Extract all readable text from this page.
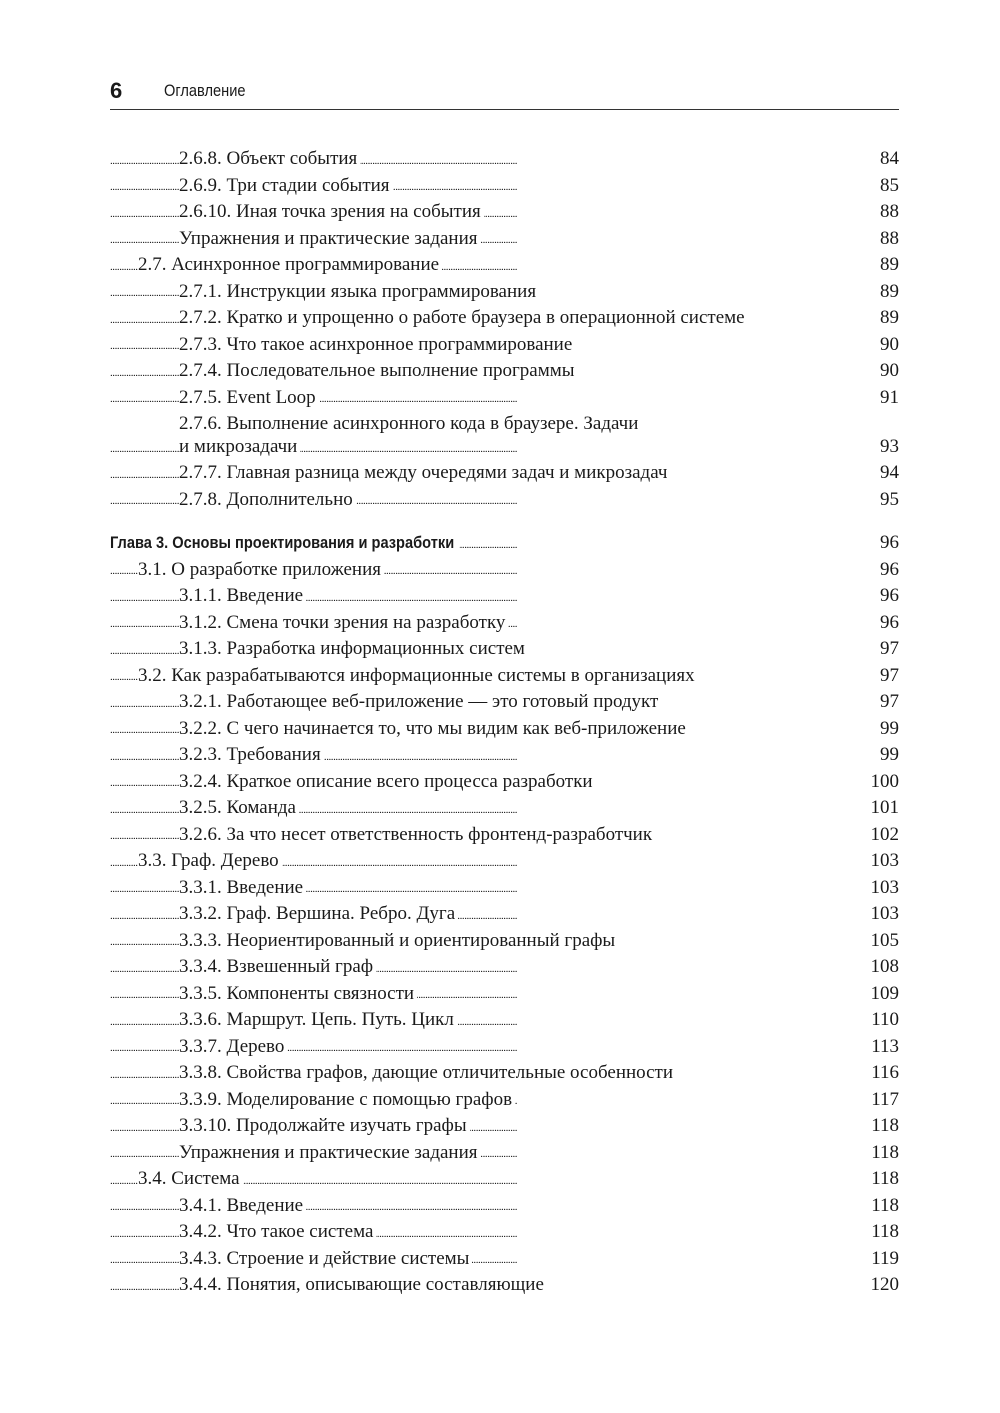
6 Оглавление
. . .
2.6.8. Объект события	84
. . .
2.6.9. Три стадии события	85
. . .
2.6.10. Иная точка зрения на события	88
. . .
Упражнения и практические задания	88
. . .
2.7. Асинхронное программирование	89
. . .
2.7.1. Инструкции языка программирования	89
. . .
2.7.2. Кратко и упрощенно о работе браузера в операционной системе	89
. . .
2.7.3. Что такое асинхронное программирование	90
. . .
2.7.4. Последовательное выполнение программы	90
. . .
2.7.5. Event Loop	91
. . .
2.7.6. Выполнение асинхронного кода в браузере. Задачи
и микрозадачи	93
. . .
2.7.7. Главная разница между очередями задач и микрозадач	94
. . .
2.7.8. Дополнительно	95
. . .
Глава 3. Основы проектирования и разработки	96
. . .
3.1. О разработке приложения	96
. . .
3.1.1. Введение	96
. . .
3.1.2. Смена точки зрения на разработку	96
. . .
3.1.3. Разработка информационных систем	97
. . .
3.2. Как разрабатываются информационные системы в организациях	97
. . .
3.2.1. Работающее веб-приложение — это готовый продукт	97
. . .
3.2.2. С чего начинается то, что мы видим как веб-приложение	99
. . .
3.2.3. Требования	99
. . .
3.2.4. Краткое описание всего процесса разработки	100
. . .
3.2.5. Команда	101
. . .
3.2.6. За что несет ответственность фронтенд-разработчик	102
. . .
3.3. Граф. Дерево	103
. . .
3.3.1. Введение	103
. . .
3.3.2. Граф. Вершина. Ребро. Дуга	103
. . .
3.3.3. Неориентированный и ориентированный графы	105
. . .
3.3.4. Взвешенный граф	108
. . .
3.3.5. Компоненты связности	109
. . .
3.3.6. Маршрут. Цепь. Путь. Цикл	110
. . .
3.3.7. Дерево	113
. . .
3.3.8. Свойства графов, дающие отличительные особенности	116
. . .
3.3.9. Моделирование с помощью графов	117
. . .
3.3.10. Продолжайте изучать графы	118
. . .
Упражнения и практические задания	118
. . .
3.4. Система	118
. . .
3.4.1. Введение	118
. . .
3.4.2. Что такое система	118
. . .
3.4.3. Строение и действие системы	119
. . .
3.4.4. Понятия, описывающие составляющие	120
